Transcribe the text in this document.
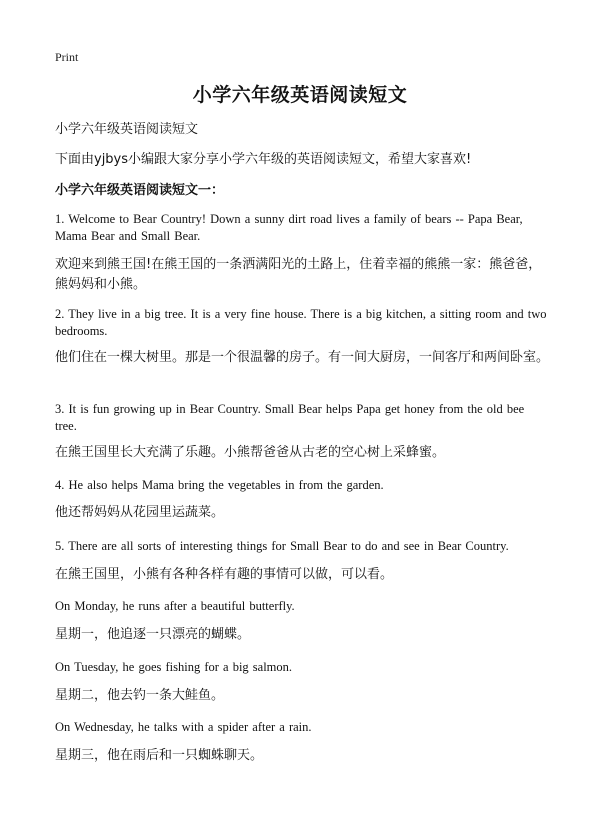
Print
小学六年级英语阅读短文
小学六年级英语阅读短文
下面由yjbys小编跟大家分享小学六年级的英语阅读短文，希望大家喜欢!
小学六年级英语阅读短文一：
1. Welcome to Bear Country! Down a sunny dirt road lives a family of bears -- Papa Bear, Mama Bear and Small Bear.
欢迎来到熊王国!在熊王国的一条洒满阳光的土路上，住着幸福的熊熊一家：熊爸爸，熊妈妈和小熊。
2. They live in a big tree. It is a very fine house. There is a big kitchen, a sitting room and two bedrooms.
他们住在一棵大树里。那是一个很温馨的房子。有一间大厨房，一间客厅和两间卧室。
3. It is fun growing up in Bear Country. Small Bear helps Papa get honey from the old bee tree.
在熊王国里长大充满了乐趣。小熊帮爸爸从古老的空心树上采蜂蜜。
4. He also helps Mama bring the vegetables in from the garden.
他还帮妈妈从花园里运蔬菜。
5. There are all sorts of interesting things for Small Bear to do and see in Bear Country.
在熊王国里，小熊有各种各样有趣的事情可以做，可以看。
On Monday, he runs after a beautiful butterfly.
星期一，他追逐一只漂亮的蝴蝶。
On Tuesday, he goes fishing for a big salmon.
星期二，他去钓一条大鲑鱼。
On Wednesday, he talks with a spider after a rain.
星期三，他在雨后和一只蜘蛛聊天。
